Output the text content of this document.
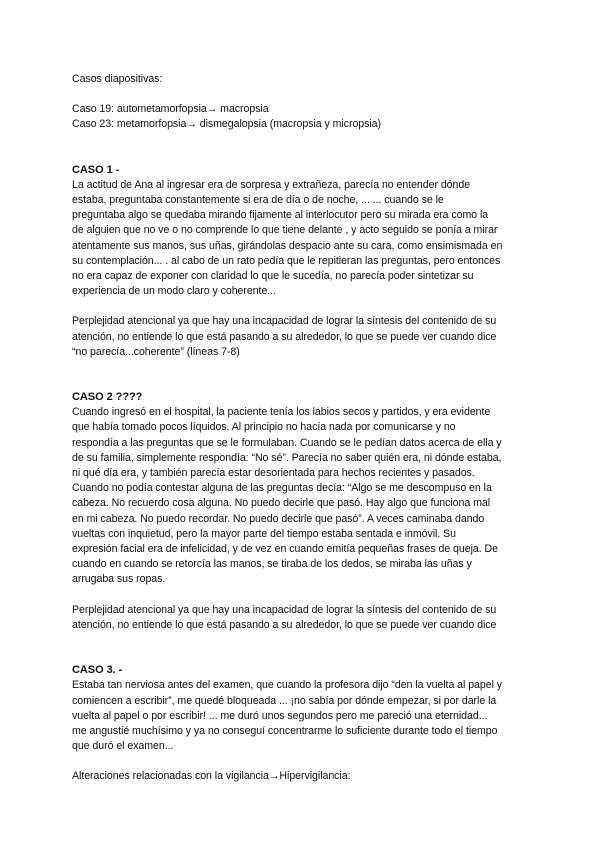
Casos diapositivas:
Caso 19: autometamorfopsia→ macropsia
Caso 23: metamorfopsia→ dismegalopsia (macropsia y micropsia)
CASO 1 -
La actitud de Ana al ingresar era de sorpresa y extrañeza, parecía no entender dónde
estaba, preguntaba constantemente si era de día o de noche, ... ... cuando se le
preguntaba algo se quedaba mirando fijamente al interlocutor pero su mirada era como la
de alguien que no ve o no comprende lo que tiene delante , y acto seguido se ponía a mirar
atentamente sus manos, sus uñas, girándolas despacio ante su cara, como ensimismada en
su contemplación... . al cabo de un rato pedía que le repitieran las preguntas, pero entonces
no era capaz de exponer con claridad lo que le sucedía, no parecía poder sintetizar su
experiencia de un modo claro y coherente...
Perplejidad atencional ya que hay una incapacidad de lograr la síntesis del contenido de su
atención, no entiende lo que está pasando a su alrededor, lo que se puede ver cuando dice
“no parecía...coherente” (líneas 7-8)
CASO 2 ????
Cuando ingresó en el hospital, la paciente tenía los labios secos y partidos, y era evidente
que había tomado pocos líquidos. Al principio no hacía nada por comunicarse y no
respondía a las preguntas que se le formulaban. Cuando se le pedían datos acerca de ella y
de su familia, simplemente respondía: “No sé”. Parecía no saber quién era, ni dónde estaba,
ni qué día era, y también parecía estar desorientada para hechos recientes y pasados.
Cuando no podía contestar alguna de las preguntas decía: “Algo se me descompuso en la
cabeza. No recuerdo cosa alguna. No puedo decirle que pasó. Hay algo que funciona mal
en mi cabeza. No puedo recordar. No puedo decirle que pasó”. A veces caminaba dando
vueltas con inquietud, pero la mayor parte del tiempo estaba sentada e inmóvil. Su
expresión facial era de infelicidad, y de vez en cuando emitía pequeñas frases de queja. De
cuando en cuando se retorcía las manos, se tiraba de los dedos, se miraba las uñas y
arrugaba sus ropas.
Perplejidad atencional ya que hay una incapacidad de lograr la síntesis del contenido de su
atención, no entiende lo que está pasando a su alrededor, lo que se puede ver cuando dice
CASO 3. -
Estaba tan nerviosa antes del examen, que cuando la profesora dijo “den la vuelta al papel y
comiencen a escribir”, me quedé bloqueada ... ¡no sabía por dónde empezar, si por darle la
vuelta al papel o por escribir! ... me duró unos segundos pero me pareció una eternidad...
me angustié muchísimo y ya no conseguí concentrarme lo suficiente durante todo el tiempo
que duró el examen...
Alteraciones relacionadas con la vigilancia→Hipervigilancia:
